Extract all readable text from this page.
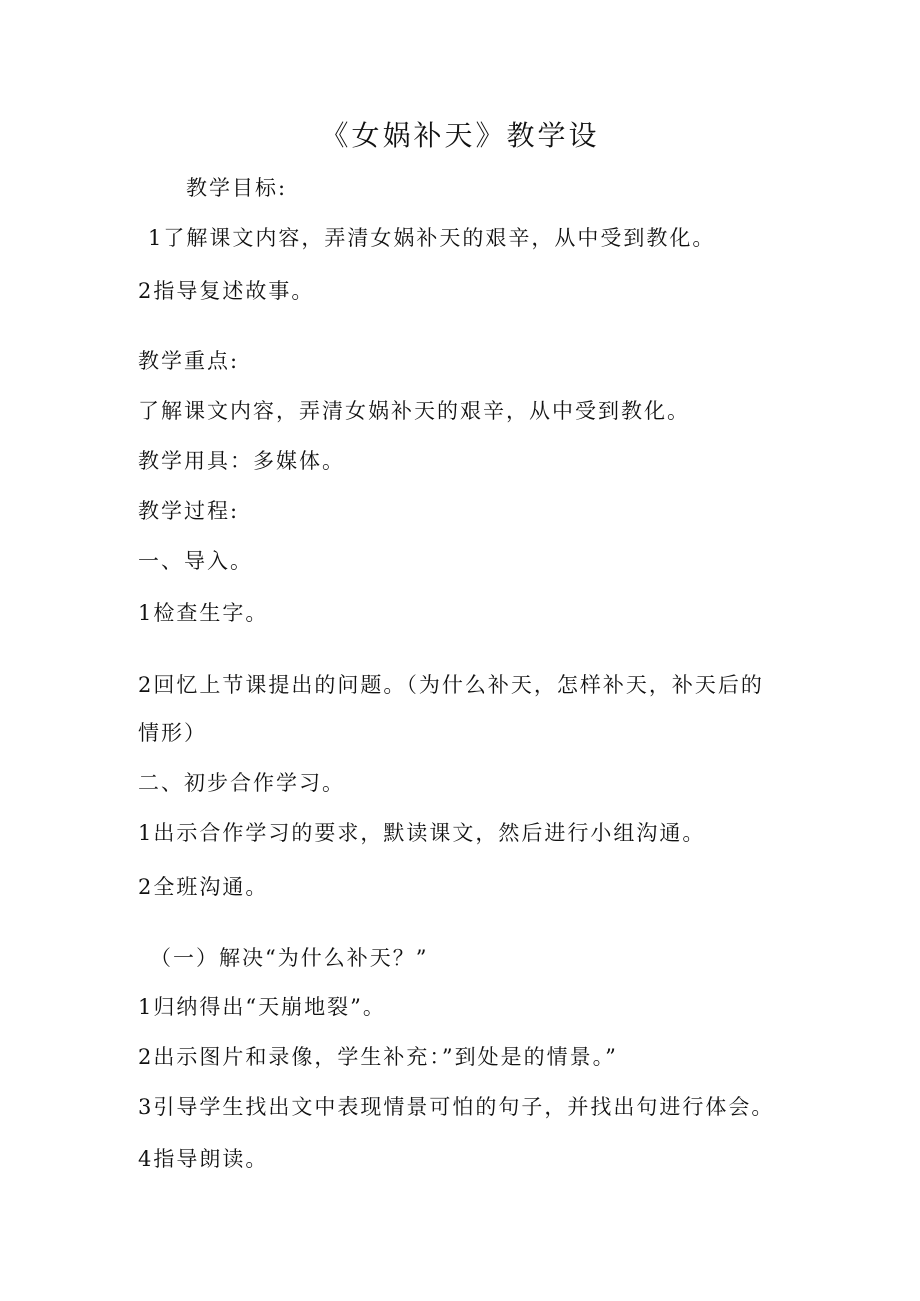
《女娲补天》教学设
教学目标:
1了解课文内容，弄清女娲补天的艰辛，从中受到教化。
2指导复述故事。
教学重点:
了解课文内容，弄清女娲补天的艰辛，从中受到教化。
教学用具：多媒体。
教学过程:
一、导入。
1检查生字。
2回忆上节课提出的问题。（为什么补天，怎样补天，补天后的
情形）
二、初步合作学习。
1出示合作学习的要求，默读课文，然后进行小组沟通。
2全班沟通。
（一）解决“为什么补天？”
1归纳得出“天崩地裂”。
2出示图片和录像，学生补充：”到处是的情景。”
3引导学生找出文中表现情景可怕的句子，并找出句进行体会。
4指导朗读。
